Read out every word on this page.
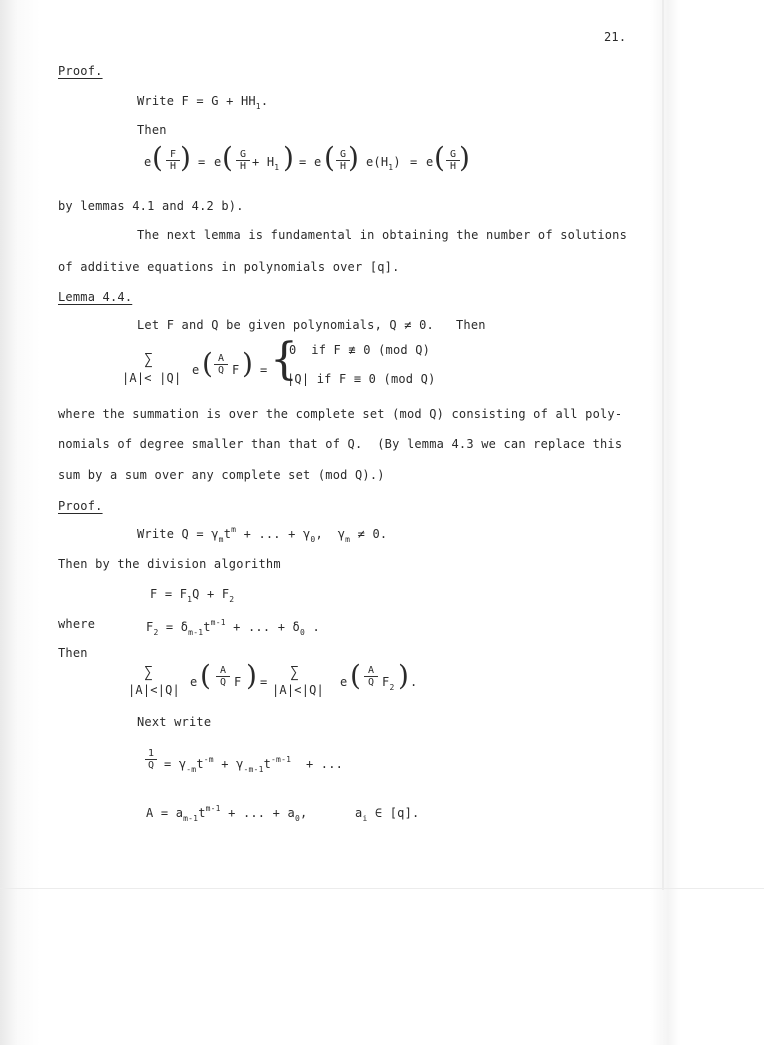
21.
Proof.
Write $F = G + HH_1$.
Then
e ( $\frac{F}{H}$ ) = e ( $\frac{G}{H} + H_1$ ) = e ( $\frac{G}{H}$
) $e(H_1) = e$ ( $\frac{G}{H}$ )
by lemmas 4.1 and 4.2 b).
The next lemma is fundamental in obtaining the number of solutions
of additive equations in polynomials over [q].
Lemma 4.4.
Let F and Q be given polynomials, Q ≠ 0. Then
∑
|A|< |Q|
e ( $\frac{A}{Q}$ F ) = {
0  if F ≢ 0 (mod Q)
|Q| if F ≡ 0 (mod Q)
where the summation is over the complete set (mod Q) consisting of all poly-
nomials of degree smaller than that of Q.  (By lemma 4.3 we can replace this
sum by a sum over any complete set (mod Q).)
Proof.
Write $Q = \gamma_mt^m$ + ... + $\gamma_0$,  $\gamma_m \ne 0$.
Then by the division algorithm
$F = F_1Q + F_2$
where	$F_2 = \delta_{m-1}t^{m-1}$ + ... + $\delta_0$ .
Then
∑
|A|<|Q|
e ( $\frac{A}{Q}$ F ) =
∑
|A|<|Q|
e ( $\frac{A}{Q} F_2$ ) .
Next write
$\frac{1}{Q} = \gamma_{-m}t^{-m} + \gamma_{-m-1}t^{-m-1}$  + ...
$A = a_{m-1}t^{m-1}$ + ... + $a_0$,	$a_i$ ∈ [q].
